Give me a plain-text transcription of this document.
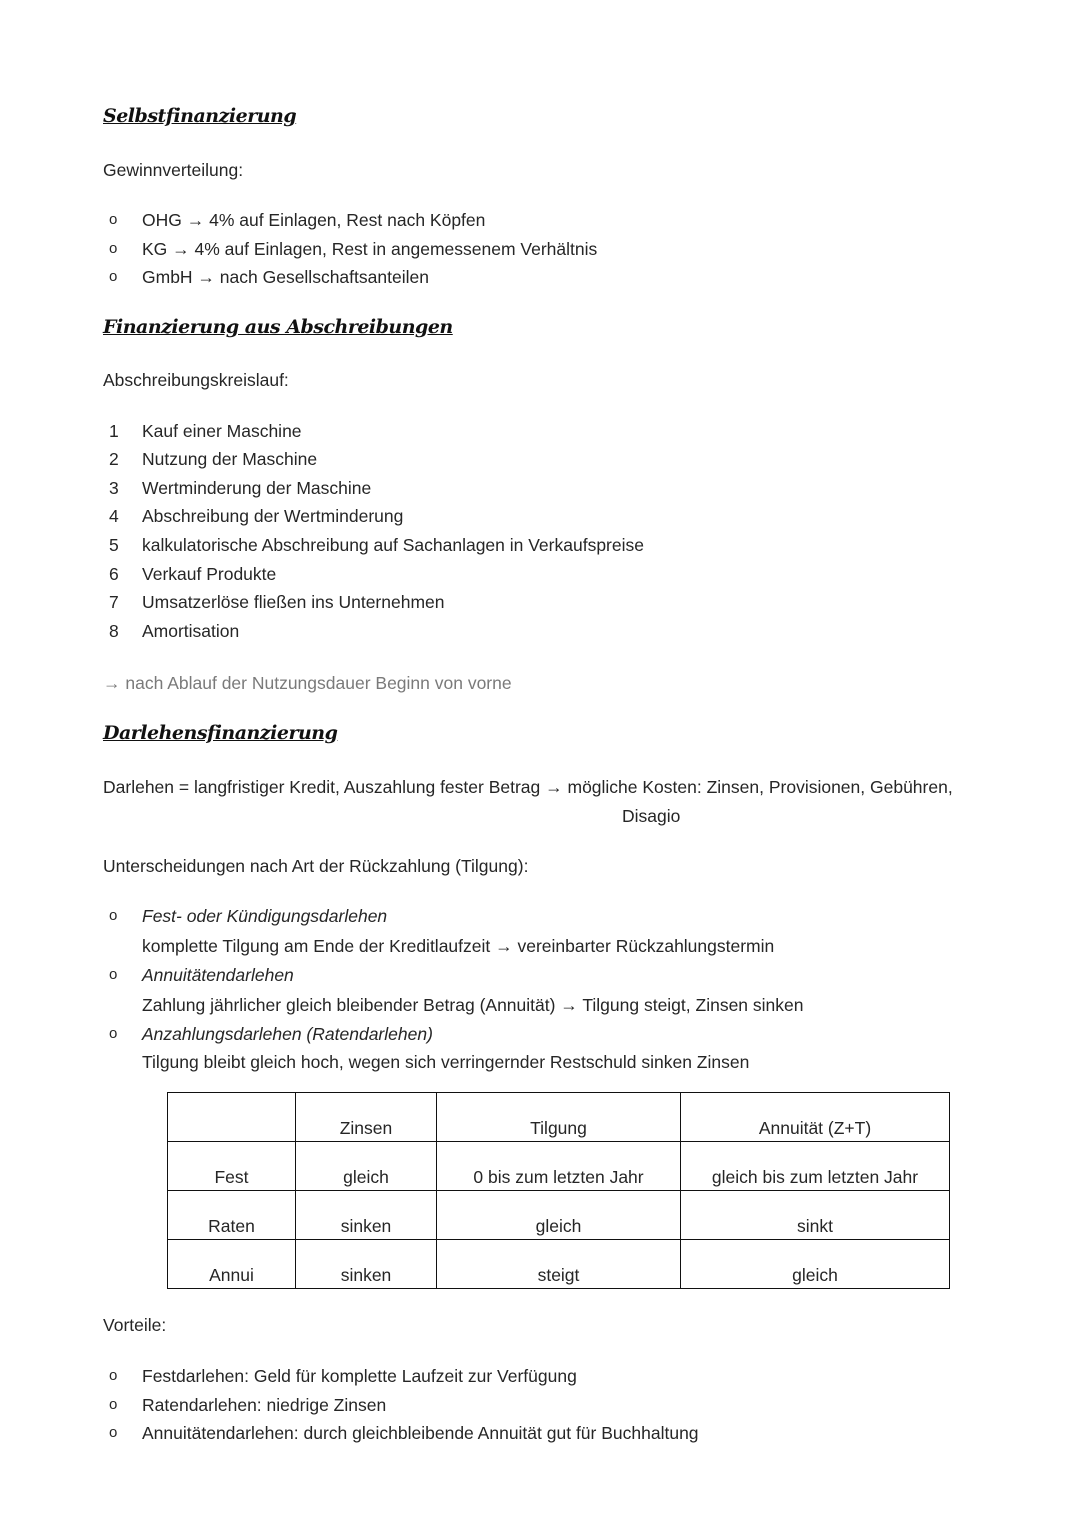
Selbstfinanzierung
Gewinnverteilung:
o	OHG → 4% auf Einlagen, Rest nach Köpfen
o	KG → 4% auf Einlagen, Rest in angemessenem Verhältnis
o	GmbH → nach Gesellschaftsanteilen
Finanzierung aus Abschreibungen
Abschreibungskreislauf:
1 Kauf einer Maschine
2 Nutzung der Maschine
3 Wertminderung der Maschine
4 Abschreibung der Wertminderung
5 kalkulatorische Abschreibung auf Sachanlagen in Verkaufspreise
6 Verkauf Produkte
7 Umsatzerlöse fließen ins Unternehmen
8 Amortisation
→ nach Ablauf der Nutzungsdauer Beginn von vorne
Darlehensfinanzierung
Darlehen = langfristiger Kredit, Auszahlung fester Betrag → mögliche Kosten: Zinsen, Provisionen, Gebühren,
Disagio
Unterscheidungen nach Art der Rückzahlung (Tilgung):
o	Fest- oder Kündigungsdarlehen
komplette Tilgung am Ende der Kreditlaufzeit → vereinbarter Rückzahlungstermin
o	Annuitätendarlehen
Zahlung jährlicher gleich bleibender Betrag (Annuität) → Tilgung steigt, Zinsen sinken
o	Anzahlungsdarlehen (Ratendarlehen)
Tilgung bleibt gleich hoch, wegen sich verringernder Restschuld sinken Zinsen
	Zinsen	Tilgung	Annuität (Z+T)
Fest	gleich	0 bis zum letzten Jahr	gleich bis zum letzten Jahr
Raten	sinken	gleich	sinkt
Annui	sinken	steigt	gleich
Vorteile:
o	Festdarlehen: Geld für komplette Laufzeit zur Verfügung
o	Ratendarlehen: niedrige Zinsen
o	Annuitätendarlehen: durch gleichbleibende Annuität gut für Buchhaltung
